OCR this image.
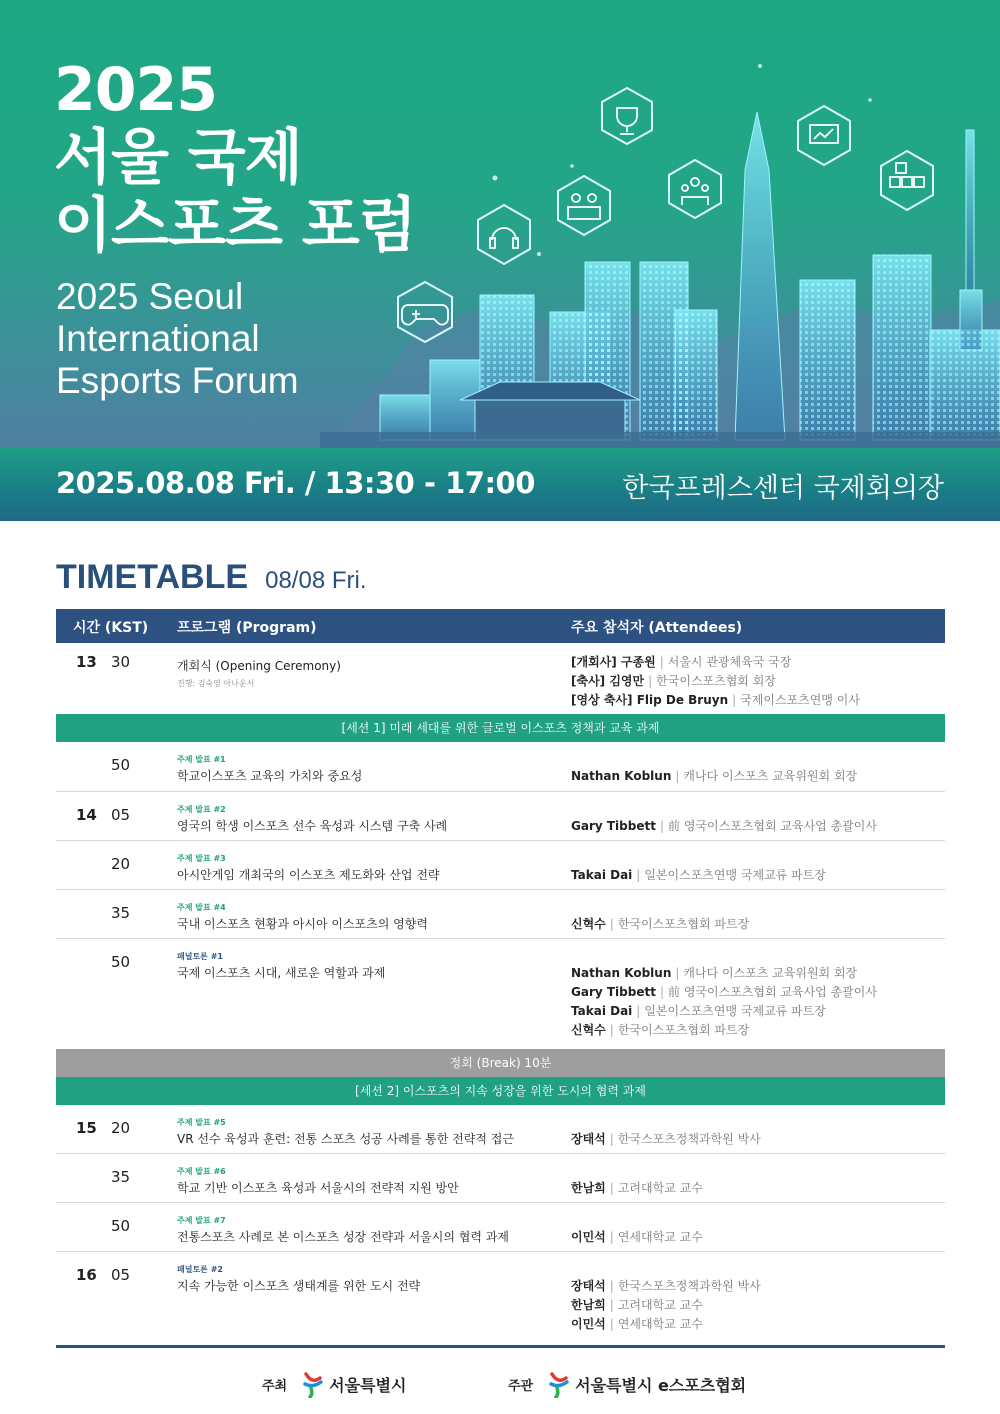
2025
서울 국제
이스포츠 포럼
2025 Seoul
International
Esports Forum
2025.08.08 Fri. / 13:30 - 17:00	한국프레스센터 국제회의장
TIMETABLE 08/08 Fri.
시간 (KST) 프로그램 (Program)	주요 참석자 (Attendees)
13 30	개회식 (Opening Ceremony)
진행: 김숙영 아나운서
[개회사] 구종원 | 서울시 관광체육국 국장
[축사] 김영만 | 한국이스포츠협회 회장
[영상 축사] Flip De Bruyn | 국제이스포츠연맹 이사
[세션 1] 미래 세대를 위한 글로벌 이스포츠 정책과 교육 과제
50	주제 발표 #1
학교이스포츠 교육의 가치와 중요성	Nathan Koblun | 캐나다 이스포츠 교육위원회 회장
14 05	주제 발표 #2
영국의 학생 이스포츠 선수 육성과 시스템 구축 사례	Gary Tibbett | 前 영국이스포츠협회 교육사업 총괄이사
20	주제 발표 #3
아시안게임 개최국의 이스포츠 제도화와 산업 전략	Takai Dai | 일본이스포츠연맹 국제교류 파트장
35	주제 발표 #4
국내 이스포츠 현황과 아시아 이스포츠의 영향력	신혁수 | 한국이스포츠협회 파트장
50	패널토론 #1
국제 이스포츠 시대, 새로운 역할과 과제	Nathan Koblun | 캐나다 이스포츠 교육위원회 회장
Gary Tibbett | 前 영국이스포츠협회 교육사업 총괄이사
Takai Dai | 일본이스포츠연맹 국제교류 파트장
신혁수 | 한국이스포츠협회 파트장
정회 (Break) 10분
[세션 2] 이스포츠의 지속 성장을 위한 도시의 협력 과제
15 20	주제 발표 #5
VR 선수 육성과 훈련: 전통 스포츠 성공 사례를 통한 전략적 접근	장태석 | 한국스포츠정책과학원 박사
35	주제 발표 #6
학교 기반 이스포츠 육성과 서울시의 전략적 지원 방안	한남희 | 고려대학교 교수
50	주제 발표 #7
전통스포츠 사례로 본 이스포츠 성장 전략과 서울시의 협력 과제	이민석 | 연세대학교 교수
16 05	패널토론 #2
지속 가능한 이스포츠 생태계를 위한 도시 전략	장태석 | 한국스포츠정책과학원 박사
한남희 | 고려대학교 교수
이민석 | 연세대학교 교수
주최	서울특별시	주관	서울특별시 e스포츠협회
